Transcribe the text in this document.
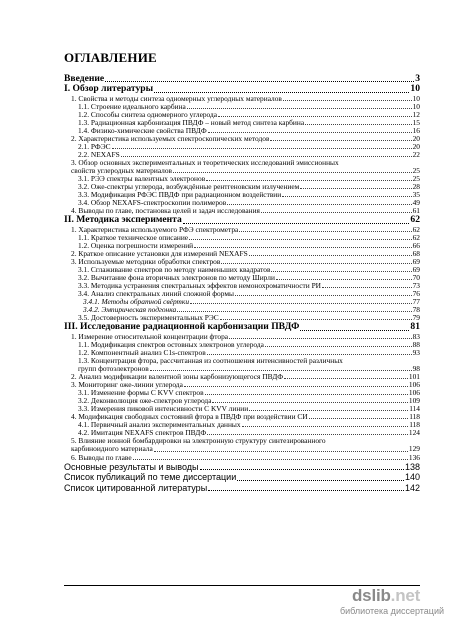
ОГЛАВЛЕНИЕ
Введение	3
I. Обзор литературы	10
1. Свойства и методы синтеза одномерных углеродных материалов	10
1.1. Строение идеального карбина	10
1.2. Способы синтеза одномерного углерода	12
1.3. Радиационная карбонизация ПВДФ – новый метод синтеза карбина	15
1.4. Физико-химические свойства ПВДФ	16
2. Характеристика используемых спектроскопических методов	20
2.1. РФЭС	20
2.2. NEXAFS	22
3. Обзор основных экспериментальных и теоретических исследований эмиссионных
свойств углеродных материалов	25
3.1. РЭЭ спектры валентных электронов	25
3.2. Оже-спектры углерода, возбуждённые рентгеновским излучением	28
3.3. Модификация РФЭС ПВДФ при радиационном воздействии	35
3.4. Обзор NEXAFS-спектроскопии полимеров	49
4. Выводы по главе, постановка целей и задач исследования	61
II. Методика эксперимента	62
1. Характеристика используемого РФЭ спектрометра	62
1.1. Краткое техническое описание	62
1.2. Оценка погрешности измерений	66
2. Краткое описание установки для измерений NEXAFS	68
3. Используемые методики обработки спектров	69
3.1. Сглаживание спектров по методу наименьших квадратов	69
3.2. Вычитание фона вторичных электронов по методу Ширли	70
3.3. Методика устранения спектральных эффектов немонохроматичности РИ	73
3.4. Анализ спектральных линий сложной формы	76
3.4.1. Методы обратной свёртки	77
3.4.2. Эмпирическая подгонка	78
3.5. Достоверность экспериментальных РЭС	79
III. Исследование радиационной карбонизации ПВДФ	81
1. Измерение относительной концентрации фтора	83
1.1. Модификация спектров остовных электронов углерода	88
1.2. Компонентный анализ C1s-спектров	93
1.3. Концентрация фтора, рассчитанная из соотношения интенсивностей различных
групп фотоэлектронов	98
2. Анализ модификации валентной зоны карбонизующегося ПВДФ	101
3. Мониторинг оже-линии углерода	106
3.1. Изменение формы C KVV спектров	106
3.2. Деконволюция оже-спектров углерода	109
3.3. Измерения пиковой интенсивности C KVV линии	114
4. Модификация свободных состояний фтора в ПВДФ при воздействии СИ	118
4.1. Первичный анализ экспериментальных данных	118
4.2. Имитация NEXAFS спектров ПВДФ	124
5. Влияние ионной бомбардировки на электронную структуру синтезированного
карбиноидного материала	129
6. Выводы по главе	136
Основные результаты и выводы	138
Список публикаций по теме диссертации	140
Список цитированной литературы	142
dslib.net
библиотека диссертаций
